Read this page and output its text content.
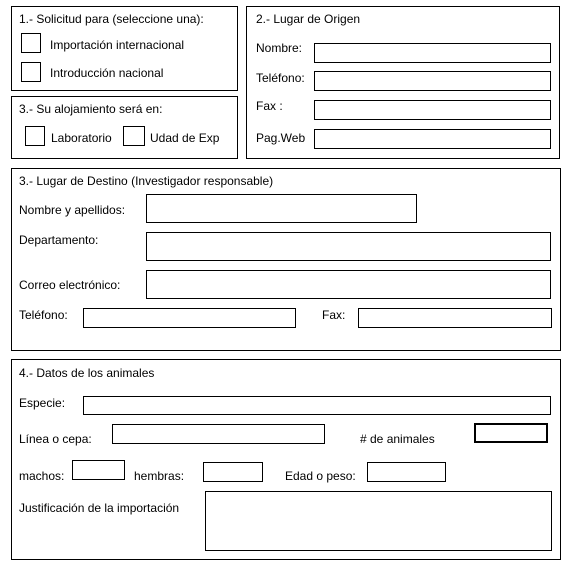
1.- Solicitud para (seleccione una):
Importación internacional
Introducción nacional
3.- Su alojamiento será en:
Laboratorio	Udad de Exp
2.- Lugar de Origen
Nombre:
Teléfono:
Fax :
Pag.Web
3.- Lugar de Destino (Investigador responsable)
Nombre y apellidos:
Departamento:
Correo electrónico:
Teléfono:	Fax:
4.- Datos de los animales
Especie:
Línea o cepa:	# de animales
machos:	hembras:	Edad o peso:
Justificación de la importación
